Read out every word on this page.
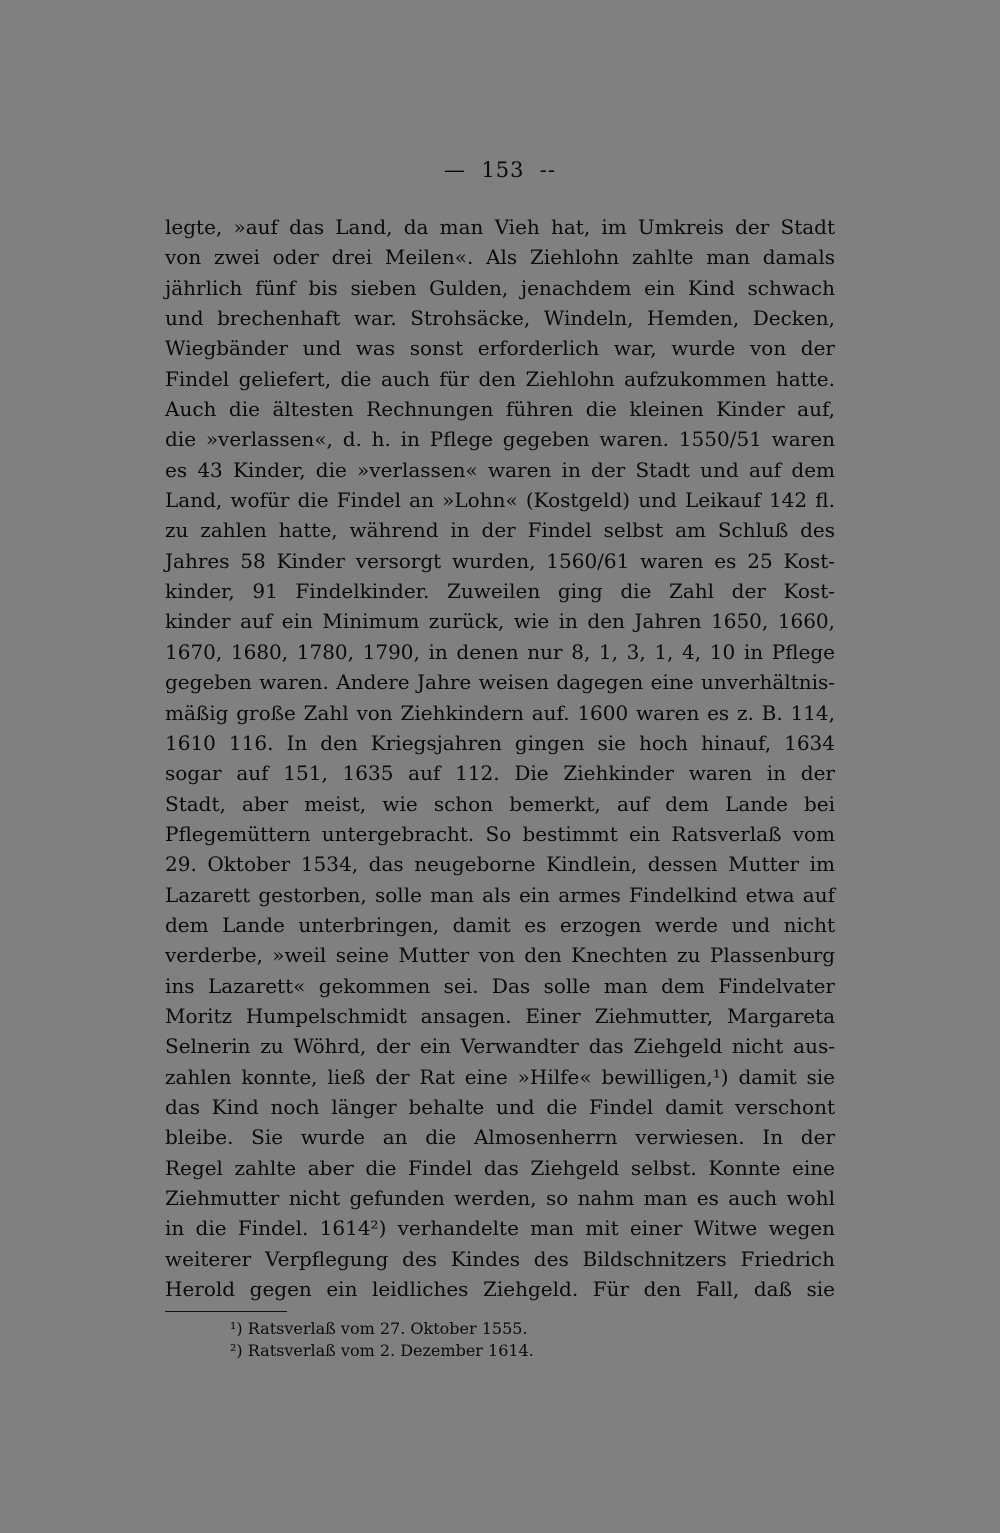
—  153  --
legte, »auf das Land, da man Vieh hat, im Umkreis der Stadt
von zwei oder drei Meilen«. Als Ziehlohn zahlte man damals
jährlich fünf bis sieben Gulden, jenachdem ein Kind schwach
und brechenhaft war. Strohsäcke, Windeln, Hemden, Decken,
Wiegbänder und was sonst erforderlich war, wurde von der
Findel geliefert, die auch für den Ziehlohn aufzukommen hatte.
Auch die ältesten Rechnungen führen die kleinen Kinder auf,
die »verlassen«, d. h. in Pflege gegeben waren. 1550/51 waren
es 43 Kinder, die »verlassen« waren in der Stadt und auf dem
Land, wofür die Findel an »Lohn« (Kostgeld) und Leikauf 142 fl.
zu zahlen hatte, während in der Findel selbst am Schluß des
Jahres 58 Kinder versorgt wurden, 1560/61 waren es 25 Kost-
kinder, 91 Findelkinder. Zuweilen ging die Zahl der Kost-
kinder auf ein Minimum zurück, wie in den Jahren 1650, 1660,
1670, 1680, 1780, 1790, in denen nur 8, 1, 3, 1, 4, 10 in Pflege
gegeben waren. Andere Jahre weisen dagegen eine unverhältnis-
mäßig große Zahl von Ziehkindern auf. 1600 waren es z. B. 114,
1610 116. In den Kriegsjahren gingen sie hoch hinauf, 1634
sogar auf 151, 1635 auf 112. Die Ziehkinder waren in der
Stadt, aber meist, wie schon bemerkt, auf dem Lande bei
Pflegemüttern untergebracht. So bestimmt ein Ratsverlaß vom
29. Oktober 1534, das neugeborne Kindlein, dessen Mutter im
Lazarett gestorben, solle man als ein armes Findelkind etwa auf
dem Lande unterbringen, damit es erzogen werde und nicht
verderbe, »weil seine Mutter von den Knechten zu Plassenburg
ins Lazarett« gekommen sei. Das solle man dem Findelvater
Moritz Humpelschmidt ansagen. Einer Ziehmutter, Margareta
Selnerin zu Wöhrd, der ein Verwandter das Ziehgeld nicht aus-
zahlen konnte, ließ der Rat eine »Hilfe« bewilligen,¹) damit sie
das Kind noch länger behalte und die Findel damit verschont
bleibe. Sie wurde an die Almosenherrn verwiesen. In der
Regel zahlte aber die Findel das Ziehgeld selbst. Konnte eine
Ziehmutter nicht gefunden werden, so nahm man es auch wohl
in die Findel. 1614²) verhandelte man mit einer Witwe wegen
weiterer Verpflegung des Kindes des Bildschnitzers Friedrich
Herold gegen ein leidliches Ziehgeld. Für den Fall, daß sie
¹) Ratsverlaß vom 27. Oktober 1555.
²) Ratsverlaß vom 2. Dezember 1614.
